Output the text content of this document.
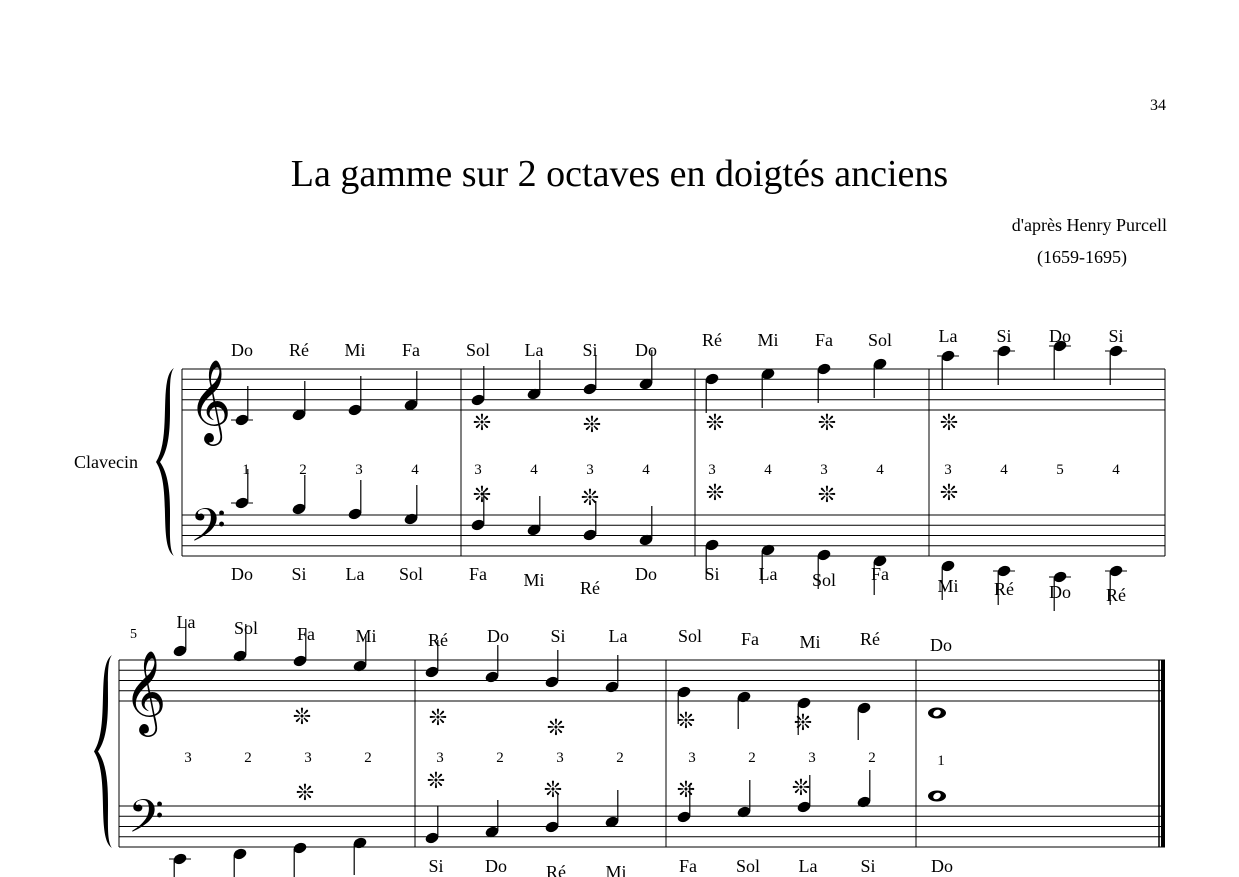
34
La gamme sur 2 octaves en doigtés anciens
d'après Henry Purcell
(1659-1695)
Clavecin
5
𝄞
𝄢
Do
1
Do
Ré
2
Si
Mi
3
La
Fa
4
Sol
Sol
3
Fa
La
4
Mi
Si
3
Ré
Do
4
Do
Ré
3
Si
Mi
4
La
Fa
3
Sol
Sol
4
Fa
La
3
Mi
Si
4
Ré
Do
5
Do
Si
4
Ré
❊	❊	❊	❊	❊
❊	❊	❊	❊	❊
𝄞
𝄢
La
3
Sol
2
Fa
3
Mi
2
Ré
3
Do
2
Si
3
La
2
Sol
3
Fa
2
Mi
3
Ré
2
Do
1
Si Do Ré Mi	Fa Sol La Si	Do
❊	❊	❊	❊	❊
❊	❊	❊	❊	❊
